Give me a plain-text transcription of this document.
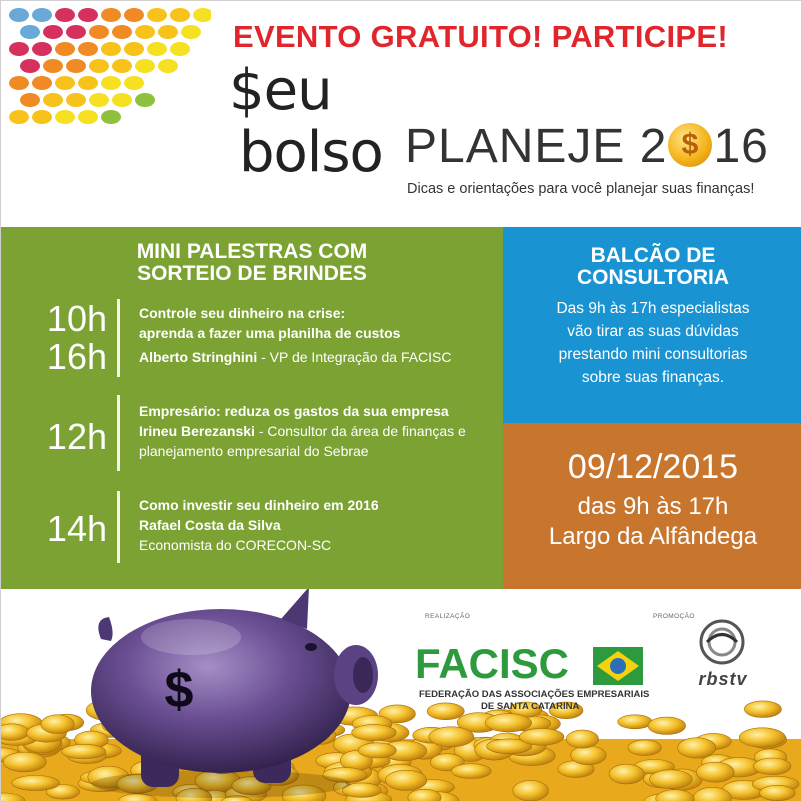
EVENTO GRATUITO! PARTICIPE!
$eu
bolso PLANEJE 2 $ 16
Dicas e orientações para você planejar suas finanças!
MINI PALESTRAS COM
SORTEIO DE BRINDES
10h
16h
Controle seu dinheiro na crise:
aprenda a fazer uma planilha de custos

Alberto Stringhini - VP de Integração da FACISC
12h
Empresário: reduza os gastos da sua empresa
Irineu Berezanski - Consultor da área de finanças e
planejamento empresarial do Sebrae
14h
Como investir seu dinheiro em 2016
Rafael Costa da Silva
Economista do CORECON-SC
BALCÃO DE
CONSULTORIA

Das 9h às 17h especialistas
vão tirar as suas dúvidas
prestando mini consultorias
sobre suas finanças.

09/12/2015
das 9h às 17h
Largo da Alfândega
$
REALIZAÇÃO	PROMOÇÃO
FACISC
FEDERAÇÃO DAS ASSOCIAÇÕES EMPRESARIAIS
DE SANTA CATARINA
rbstv
